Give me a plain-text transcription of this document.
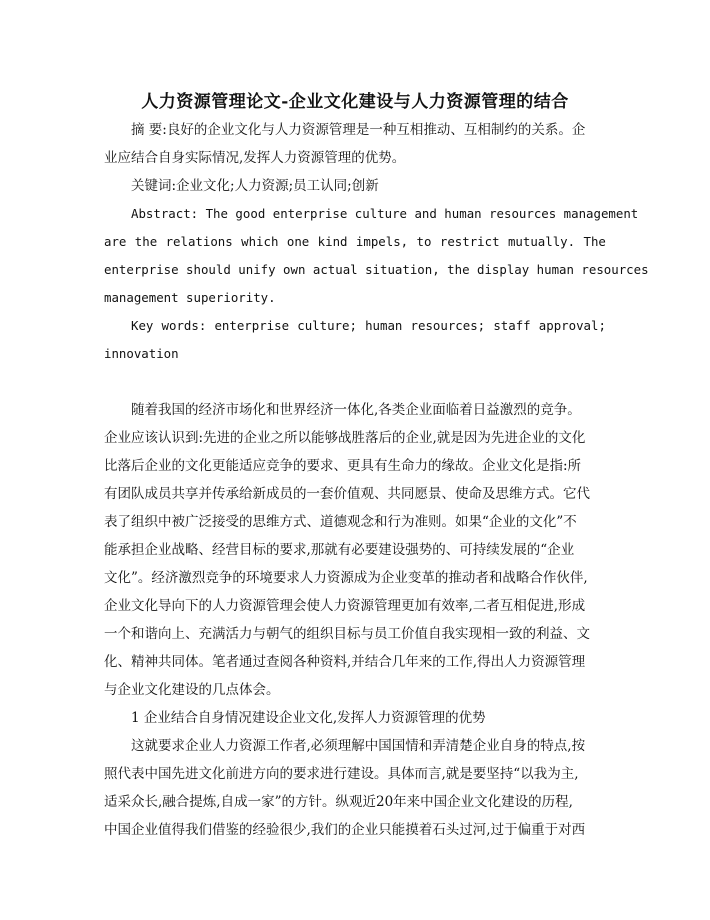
人力资源管理论文-企业文化建设与人力资源管理的结合
摘 要:良好的企业文化与人力资源管理是一种互相推动、互相制约的关系。企
业应结合自身实际情况,发挥人力资源管理的优势。
关键词:企业文化;人力资源;员工认同;创新
Abstract: The good enterprise culture and human resources management
are the relations which one kind impels, to restrict mutually. The
enterprise should unify own actual situation, the display human resources
management superiority.
Key words: enterprise culture; human resources; staff approval;
innovation
随着我国的经济市场化和世界经济一体化,各类企业面临着日益激烈的竞争。
企业应该认识到:先进的企业之所以能够战胜落后的企业,就是因为先进企业的文化
比落后企业的文化更能适应竞争的要求、更具有生命力的缘故。企业文化是指:所
有团队成员共享并传承给新成员的一套价值观、共同愿景、使命及思维方式。它代
表了组织中被广泛接受的思维方式、道德观念和行为准则。如果“企业的文化”不
能承担企业战略、经营目标的要求,那就有必要建设强势的、可持续发展的“企业
文化”。经济激烈竞争的环境要求人力资源成为企业变革的推动者和战略合作伙伴,
企业文化导向下的人力资源管理会使人力资源管理更加有效率,二者互相促进,形成
一个和谐向上、充满活力与朝气的组织目标与员工价值自我实现相一致的利益、文
化、精神共同体。笔者通过查阅各种资料,并结合几年来的工作,得出人力资源管理
与企业文化建设的几点体会。
1 企业结合自身情况建设企业文化,发挥人力资源管理的优势
这就要求企业人力资源工作者,必须理解中国国情和弄清楚企业自身的特点,按
照代表中国先进文化前进方向的要求进行建设。具体而言,就是要坚持“以我为主,
适采众长,融合提炼,自成一家”的方针。纵观近20年来中国企业文化建设的历程,
中国企业值得我们借鉴的经验很少,我们的企业只能摸着石头过河,过于偏重于对西
